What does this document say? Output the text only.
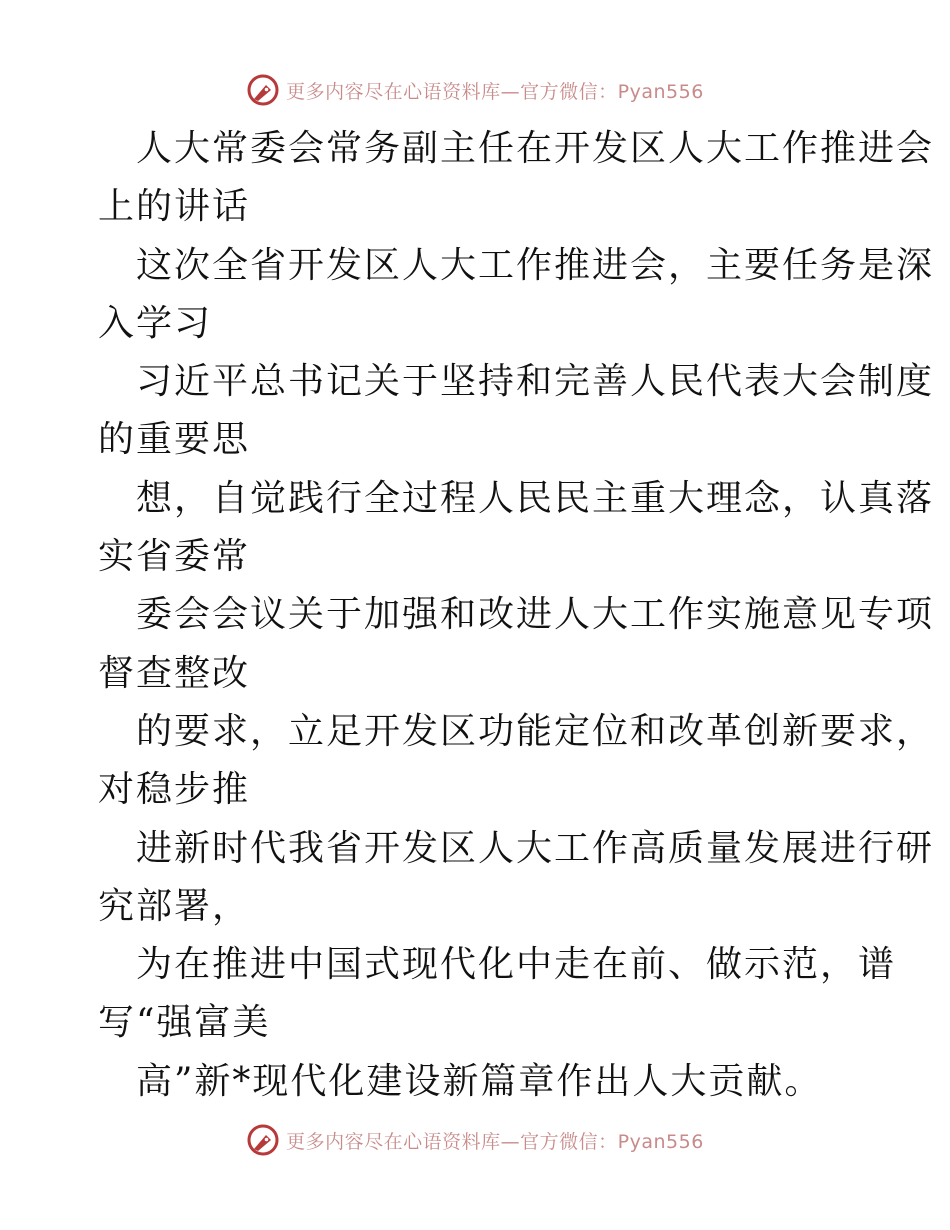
更多内容尽在心语资料库—官方微信：Pyan556
人大常委会常务副主任在开发区人大工作推进会
上的讲话
这次全省开发区人大工作推进会，主要任务是深
入学习
习近平总书记关于坚持和完善人民代表大会制度
的重要思
想，自觉践行全过程人民民主重大理念，认真落
实省委常
委会会议关于加强和改进人大工作实施意见专项
督查整改
的要求，立足开发区功能定位和改革创新要求，
对稳步推
进新时代我省开发区人大工作高质量发展进行研
究部署，
为在推进中国式现代化中走在前、做示范，谱
写“强富美
高”新*现代化建设新篇章作出人大贡献。
更多内容尽在心语资料库—官方微信：Pyan556
